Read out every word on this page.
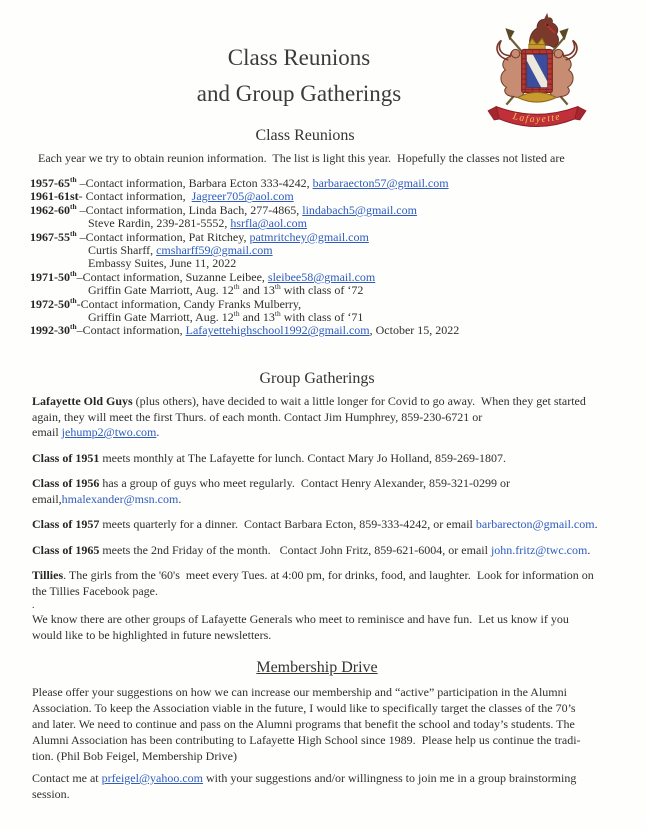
Class Reunions
and Group Gatherings
Lafayette
Class Reunions
Each year we try to obtain reunion information.  The list is light this year.  Hopefully the classes not listed are
1957-65th –Contact information, Barbara Ecton 333-4242, barbaraecton57@gmail.com
1961-61st- Contact information,  Jagreer705@aol.com
1962-60th –Contact information, Linda Bach, 277-4865, lindabach5@gmail.com
Steve Rardin, 239-281-5552, hsrfla@aol.com
1967-55th –Contact information, Pat Ritchey, patmritchey@gmail.com
Curtis Sharff, cmsharff59@gmail.com
Embassy Suites, June 11, 2022
1971-50th–Contact information, Suzanne Leibee, sleibee58@gmail.com
Griffin Gate Marriott, Aug. 12th and 13th with class of ‘72
1972-50th-Contact information, Candy Franks Mulberry,
Griffin Gate Marriott, Aug. 12th and 13th with class of ‘71
1992-30th–Contact information, Lafayettehighschool1992@gmail.com, October 15, 2022
Group Gatherings

Lafayette Old Guys (plus others), have decided to wait a little longer for Covid to go away.  When they get started
again, they will meet the first Thurs. of each month. Contact Jim Humphrey, 859-230-6721 or
email jehump2@two.com.

Class of 1951 meets monthly at The Lafayette for lunch. Contact Mary Jo Holland, 859-269-1807.

Class of 1956 has a group of guys who meet regularly.  Contact Henry Alexander, 859-321-0299 or
email,hmalexander@msn.com.

Class of 1957 meets quarterly for a dinner.  Contact Barbara Ecton, 859-333-4242, or email barbarecton@gmail.com.

Class of 1965 meets the 2nd Friday of the month.   Contact John Fritz, 859-621-6004, or email john.fritz@twc.com.

Tillies. The girls from the '60's  meet every Tues. at 4:00 pm, for drinks, food, and laughter.  Look for information on
the Tillies Facebook page.

.

We know there are other groups of Lafayette Generals who meet to reminisce and have fun.  Let us know if you
would like to be highlighted in future newsletters.

Membership Drive

Please offer your suggestions on how we can increase our membership and “active” participation in the Alumni
Association. To keep the Association viable in the future, I would like to specifically target the classes of the 70’s
and later. We need to continue and pass on the Alumni programs that benefit the school and today’s students. The
Alumni Association has been contributing to Lafayette High School since 1989.  Please help us continue the tradi-
tion. (Phil Bob Feigel, Membership Drive)

Contact me at prfeigel@yahoo.com with your suggestions and/or willingness to join me in a group brainstorming
session.
